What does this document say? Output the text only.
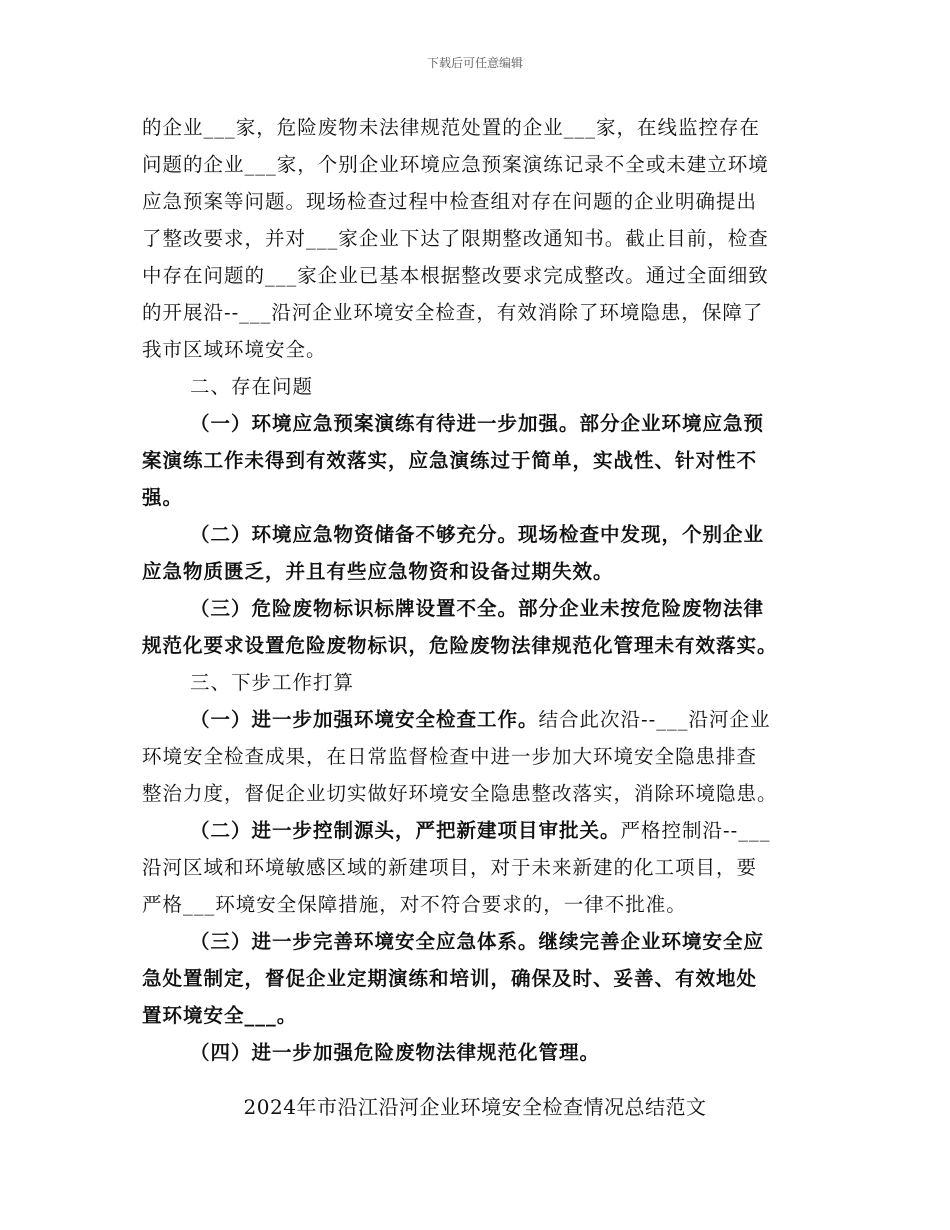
下载后可任意编辑
的企业___家，危险废物未法律规范处置的企业___家，在线监控存在
问题的企业___家，个别企业环境应急预案演练记录不全或未建立环境
应急预案等问题。现场检查过程中检查组对存在问题的企业明确提出
了整改要求，并对___家企业下达了限期整改通知书。截止目前，检查
中存在问题的___家企业已基本根据整改要求完成整改。通过全面细致
的开展沿--___沿河企业环境安全检查，有效消除了环境隐患，保障了
我市区域环境安全。
二、存在问题
（一）环境应急预案演练有待进一步加强。部分企业环境应急预
案演练工作未得到有效落实，应急演练过于简单，实战性、针对性不
强。
（二）环境应急物资储备不够充分。现场检查中发现，个别企业
应急物质匮乏，并且有些应急物资和设备过期失效。
（三）危险废物标识标牌设置不全。部分企业未按危险废物法律
规范化要求设置危险废物标识，危险废物法律规范化管理未有效落实。
三、下步工作打算
（一）进一步加强环境安全检查工作。结合此次沿--___沿河企业
环境安全检查成果，在日常监督检查中进一步加大环境安全隐患排查
整治力度，督促企业切实做好环境安全隐患整改落实，消除环境隐患。
（二）进一步控制源头，严把新建项目审批关。严格控制沿--___
沿河区域和环境敏感区域的新建项目，对于未来新建的化工项目，要
严格___环境安全保障措施，对不符合要求的，一律不批准。
（三）进一步完善环境安全应急体系。继续完善企业环境安全应
急处置制定，督促企业定期演练和培训，确保及时、妥善、有效地处
置环境安全___。
（四）进一步加强危险废物法律规范化管理。
2024年市沿江沿河企业环境安全检查情况总结范文
